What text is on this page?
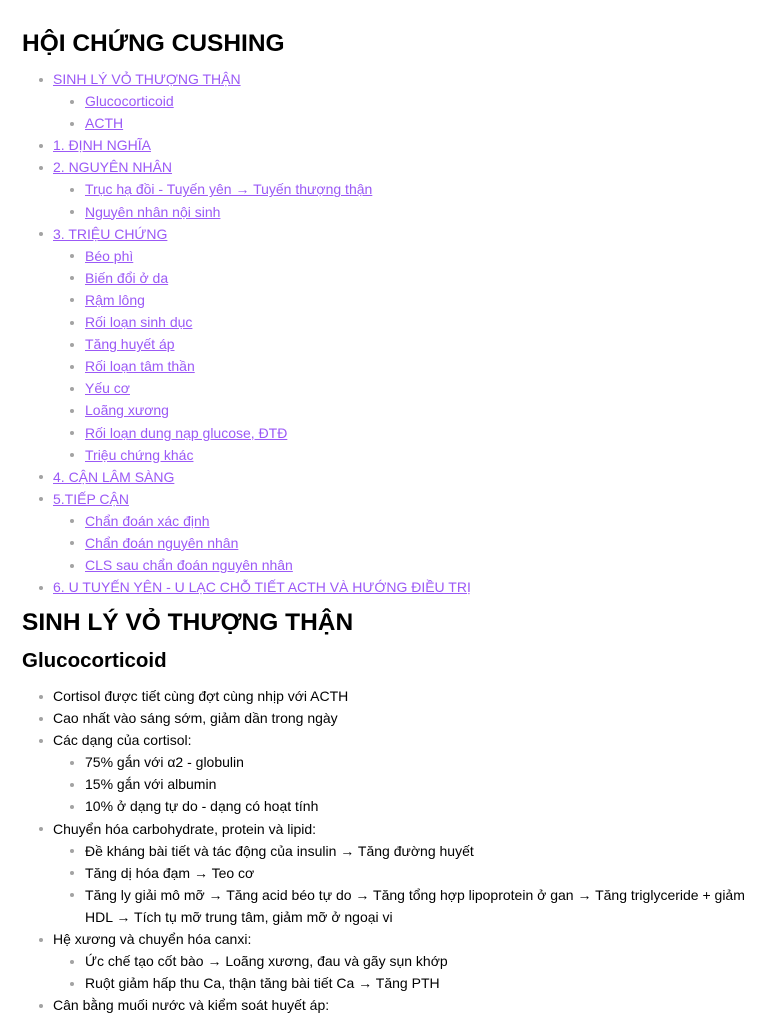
HỘI CHỨNG CUSHING
SINH LÝ VỎ THƯỢNG THẬN
Glucocorticoid
ACTH
1. ĐỊNH NGHĨA
2. NGUYÊN NHÂN
Trục hạ đồi - Tuyến yên → Tuyến thượng thận
Nguyên nhân nội sinh
3. TRIỆU CHỨNG
Béo phì
Biến đổi ở da
Rậm lông
Rối loạn sinh dục
Tăng huyết áp
Rối loạn tâm thần
Yếu cơ
Loãng xương
Rối loạn dung nạp glucose, ĐTĐ
Triệu chứng khác
4. CẬN LÂM SÀNG
5.TIẾP CẬN
Chẩn đoán xác định
Chẩn đoán nguyên nhân
CLS sau chẩn đoán nguyên nhân
6. U TUYẾN YÊN - U LẠC CHỖ TIẾT ACTH VÀ HƯỚNG ĐIỀU TRỊ
SINH LÝ VỎ THƯỢNG THẬN
Glucocorticoid
Cortisol được tiết cùng đợt cùng nhịp với ACTH
Cao nhất vào sáng sớm, giảm dần trong ngày
Các dạng của cortisol:
75% gắn với α2 - globulin
15% gắn với albumin
10% ở dạng tự do - dạng có hoạt tính
Chuyển hóa carbohydrate, protein và lipid:
Đề kháng bài tiết và tác động của insulin → Tăng đường huyết
Tăng dị hóa đạm → Teo cơ
Tăng ly giải mô mỡ → Tăng acid béo tự do → Tăng tổng hợp lipoprotein ở gan → Tăng triglyceride + giảm HDL → Tích tụ mỡ trung tâm, giảm mỡ ở ngoại vi
Hệ xương và chuyển hóa canxi:
Ức chế tạo cốt bào → Loãng xương, đau và gãy sụn khớp
Ruột giảm hấp thu Ca, thận tăng bài tiết Ca → Tăng PTH
Cân bằng muối nước và kiểm soát huyết áp:
